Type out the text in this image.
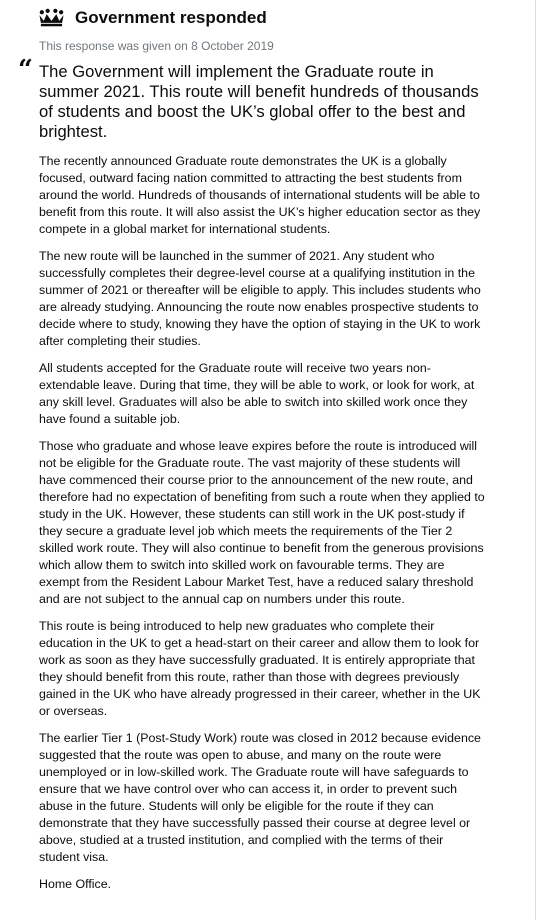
Government responded
This response was given on 8 October 2019
“ The Government will implement the Graduate route in summer 2021. This route will benefit hundreds of thousands of students and boost the UK’s global offer to the best and brightest.

The recently announced Graduate route demonstrates the UK is a globally focused, outward facing nation committed to attracting the best students from around the world. Hundreds of thousands of international students will be able to benefit from this route. It will also assist the UK’s higher education sector as they compete in a global market for international students.

The new route will be launched in the summer of 2021. Any student who successfully completes their degree-level course at a qualifying institution in the summer of 2021 or thereafter will be eligible to apply. This includes students who are already studying. Announcing the route now enables prospective students to decide where to study, knowing they have the option of staying in the UK to work after completing their studies.

All students accepted for the Graduate route will receive two years non-extendable leave. During that time, they will be able to work, or look for work, at any skill level. Graduates will also be able to switch into skilled work once they have found a suitable job.

Those who graduate and whose leave expires before the route is introduced will not be eligible for the Graduate route. The vast majority of these students will have commenced their course prior to the announcement of the new route, and therefore had no expectation of benefiting from such a route when they applied to study in the UK. However, these students can still work in the UK post-study if they secure a graduate level job which meets the requirements of the Tier 2 skilled work route. They will also continue to benefit from the generous provisions which allow them to switch into skilled work on favourable terms. They are exempt from the Resident Labour Market Test, have a reduced salary threshold and are not subject to the annual cap on numbers under this route.

This route is being introduced to help new graduates who complete their education in the UK to get a head-start on their career and allow them to look for work as soon as they have successfully graduated. It is entirely appropriate that they should benefit from this route, rather than those with degrees previously gained in the UK who have already progressed in their career, whether in the UK or overseas.

The earlier Tier 1 (Post-Study Work) route was closed in 2012 because evidence suggested that the route was open to abuse, and many on the route were unemployed or in low-skilled work. The Graduate route will have safeguards to ensure that we have control over who can access it, in order to prevent such abuse in the future. Students will only be eligible for the route if they can demonstrate that they have successfully passed their course at degree level or above, studied at a trusted institution, and complied with the terms of their student visa.

Home Office.
